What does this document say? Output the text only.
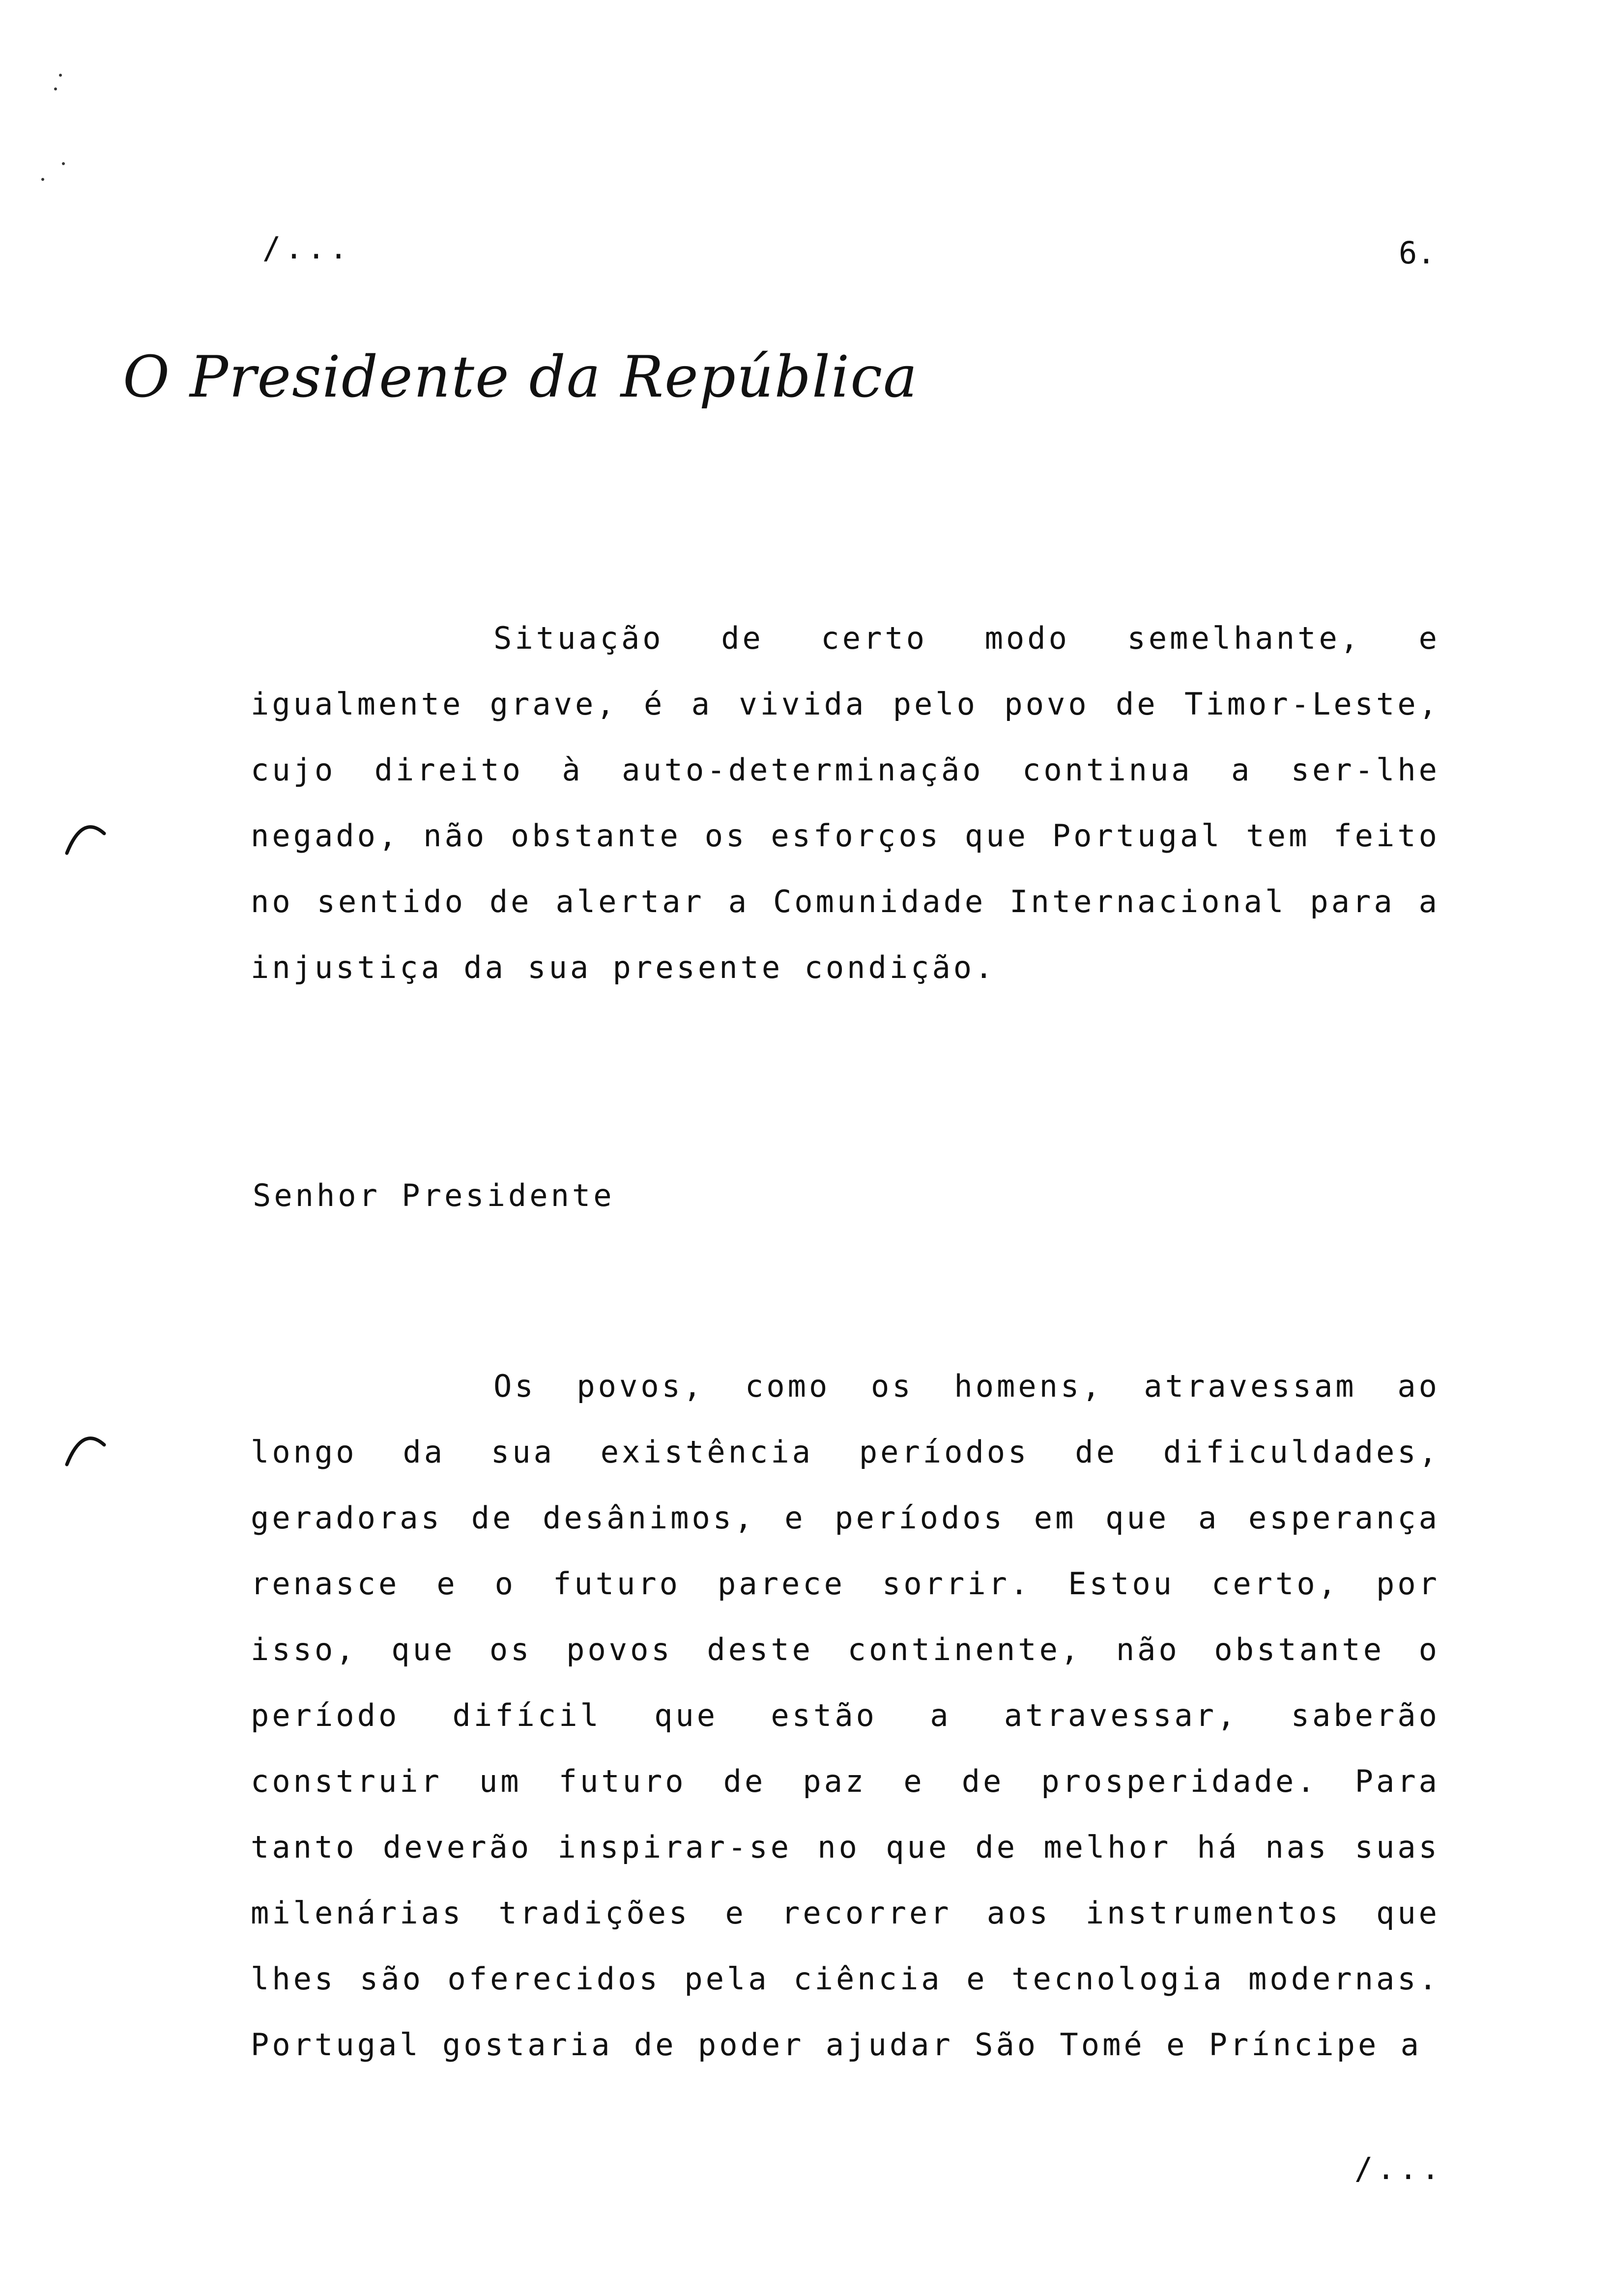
/...	6.
O Presidente da República

Situação de certo modo semelhante, e igualmente grave, é a vivida pelo povo de Timor-Leste, cujo direito à auto-determinação continua a ser-lhe negado, não obstante os esforços que Portugal tem feito no sentido de alertar a Comunidade Internacional para a injustiça da sua presente condição.

Senhor Presidente

Os povos, como os homens, atravessam ao longo da sua existência períodos de dificuldades, geradoras de desânimos, e períodos em que a esperança renasce e o futuro parece sorrir. Estou certo, por isso, que os povos deste continente, não obstante o período difícil que estão a atravessar, saberão construir um futuro de paz e de prosperidade. Para tanto deverão inspirar-se no que de melhor há nas suas milenárias tradições e recorrer aos instrumentos que lhes são oferecidos pela ciência e tecnologia modernas. Portugal gostaria de poder ajudar São Tomé e Príncipe a

/...
